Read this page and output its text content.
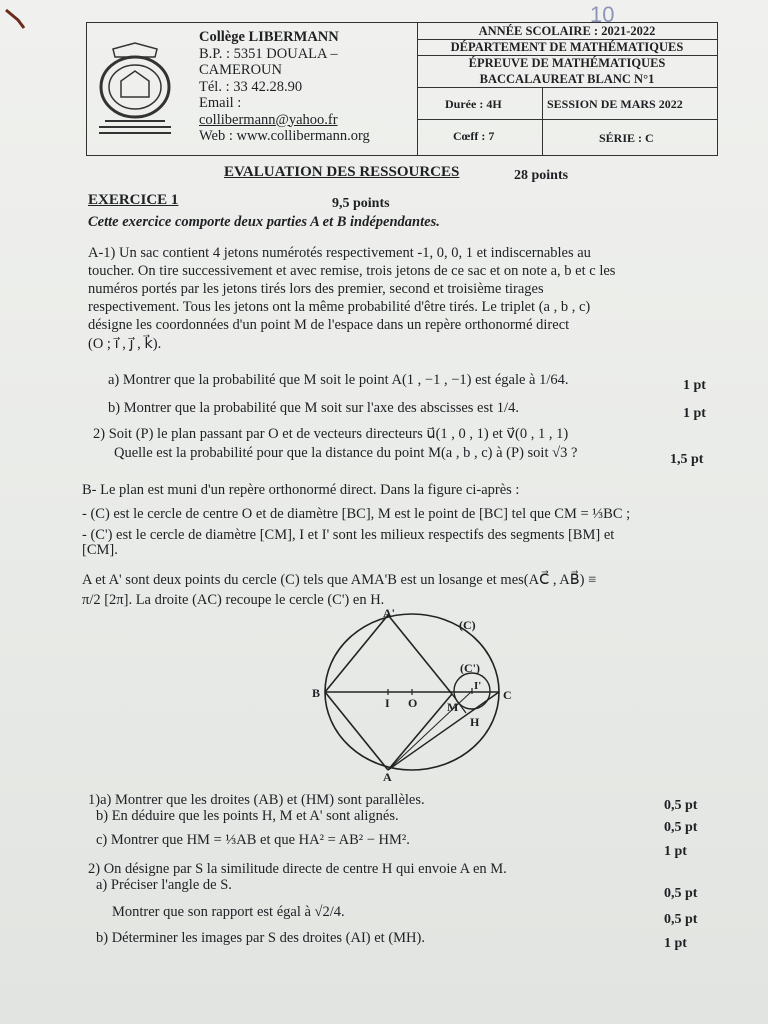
10
Collège LIBERMANN
B.P. : 5351 DOUALA –
CAMEROUN
Tél. : 33 42.28.90
Email :
collibermann@yahoo.fr
Web : www.collibermann.org
ANNÉE SCOLAIRE : 2021-2022
DÉPARTEMENT DE MATHÉMATIQUES
ÉPREUVE DE MATHÉMATIQUES
BACCALAUREAT BLANC N°1
Durée : 4H	SESSION DE MARS 2022
Cœff : 7	SÉRIE : C
EVALUATION DES RESSOURCES	28 points
EXERCICE 1	9,5 points
Cette exercice comporte deux parties A et B indépendantes.
A-1) Un sac contient 4 jetons numérotés respectivement -1, 0, 0, 1 et indiscernables au
toucher. On tire successivement et avec remise, trois jetons de ce sac et on note a, b et c les
numéros portés par les jetons tirés lors des premier, second et troisième tirages
respectivement. Tous les jetons ont la même probabilité d'être tirés. Le triplet (a , b , c)
désigne les coordonnées d'un point M de l'espace dans un repère orthonormé direct
(O ; i⃗ , j⃗ , k⃗).
a) Montrer que la probabilité que M soit le point A(1 , −1 , −1) est égale à 1/64.	1 pt
b) Montrer que la probabilité que M soit sur l'axe des abscisses est 1/4.	1 pt
2) Soit (P) le plan passant par O et de vecteurs directeurs u⃗(1 , 0 , 1) et v⃗(0 , 1 , 1)
Quelle est la probabilité pour que la distance du point M(a , b , c) à (P) soit √3 ?	1,5 pt
B- Le plan est muni d'un repère orthonormé direct. Dans la figure ci-après :
- (C) est le cercle de centre O et de diamètre [BC], M est le point de [BC] tel que CM = ⅓BC ;
- (C') est le cercle de diamètre [CM], I et I' sont les milieux respectifs des segments [BM] et
[CM].
A et A' sont deux points du cercle (C) tels que AMA'B est un losange et mes(AC⃗ , AB⃗) ≡
π/2 [2π]. La droite (AC) recoupe le cercle (C') en H.
A'
(C)
(C')
B	C
I O M
I'
H
A
1)a) Montrer que les droites (AB) et (HM) sont parallèles.	0,5 pt
b) En déduire que les points H, M et A' sont alignés.
0,5 pt
c) Montrer que HM = ⅓AB et que HA² = AB² − HM².
1 pt
2) On désigne par S la similitude directe de centre H qui envoie A en M.
a) Préciser l'angle de S.
0,5 pt
Montrer que son rapport est égal à √2/4.	0,5 pt
b) Déterminer les images par S des droites (AI) et (MH).	1 pt
